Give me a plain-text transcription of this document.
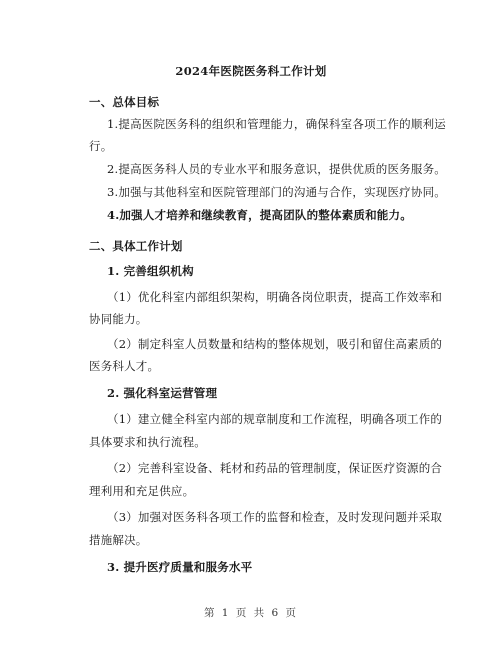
2024年医院医务科工作计划
一、总体目标
1.提高医院医务科的组织和管理能力，确保科室各项工作的顺利运
行。
2.提高医务科人员的专业水平和服务意识，提供优质的医务服务。
3.加强与其他科室和医院管理部门的沟通与合作，实现医疗协同。
4.加强人才培养和继续教育，提高团队的整体素质和能力。
二、具体工作计划
1. 完善组织机构
（1）优化科室内部组织架构，明确各岗位职责，提高工作效率和
协同能力。
（2）制定科室人员数量和结构的整体规划，吸引和留住高素质的
医务科人才。
2. 强化科室运营管理
（1）建立健全科室内部的规章制度和工作流程，明确各项工作的
具体要求和执行流程。
（2）完善科室设备、耗材和药品的管理制度，保证医疗资源的合
理利用和充足供应。
（3）加强对医务科各项工作的监督和检查，及时发现问题并采取
措施解决。
3. 提升医疗质量和服务水平
第 1 页 共 6 页
